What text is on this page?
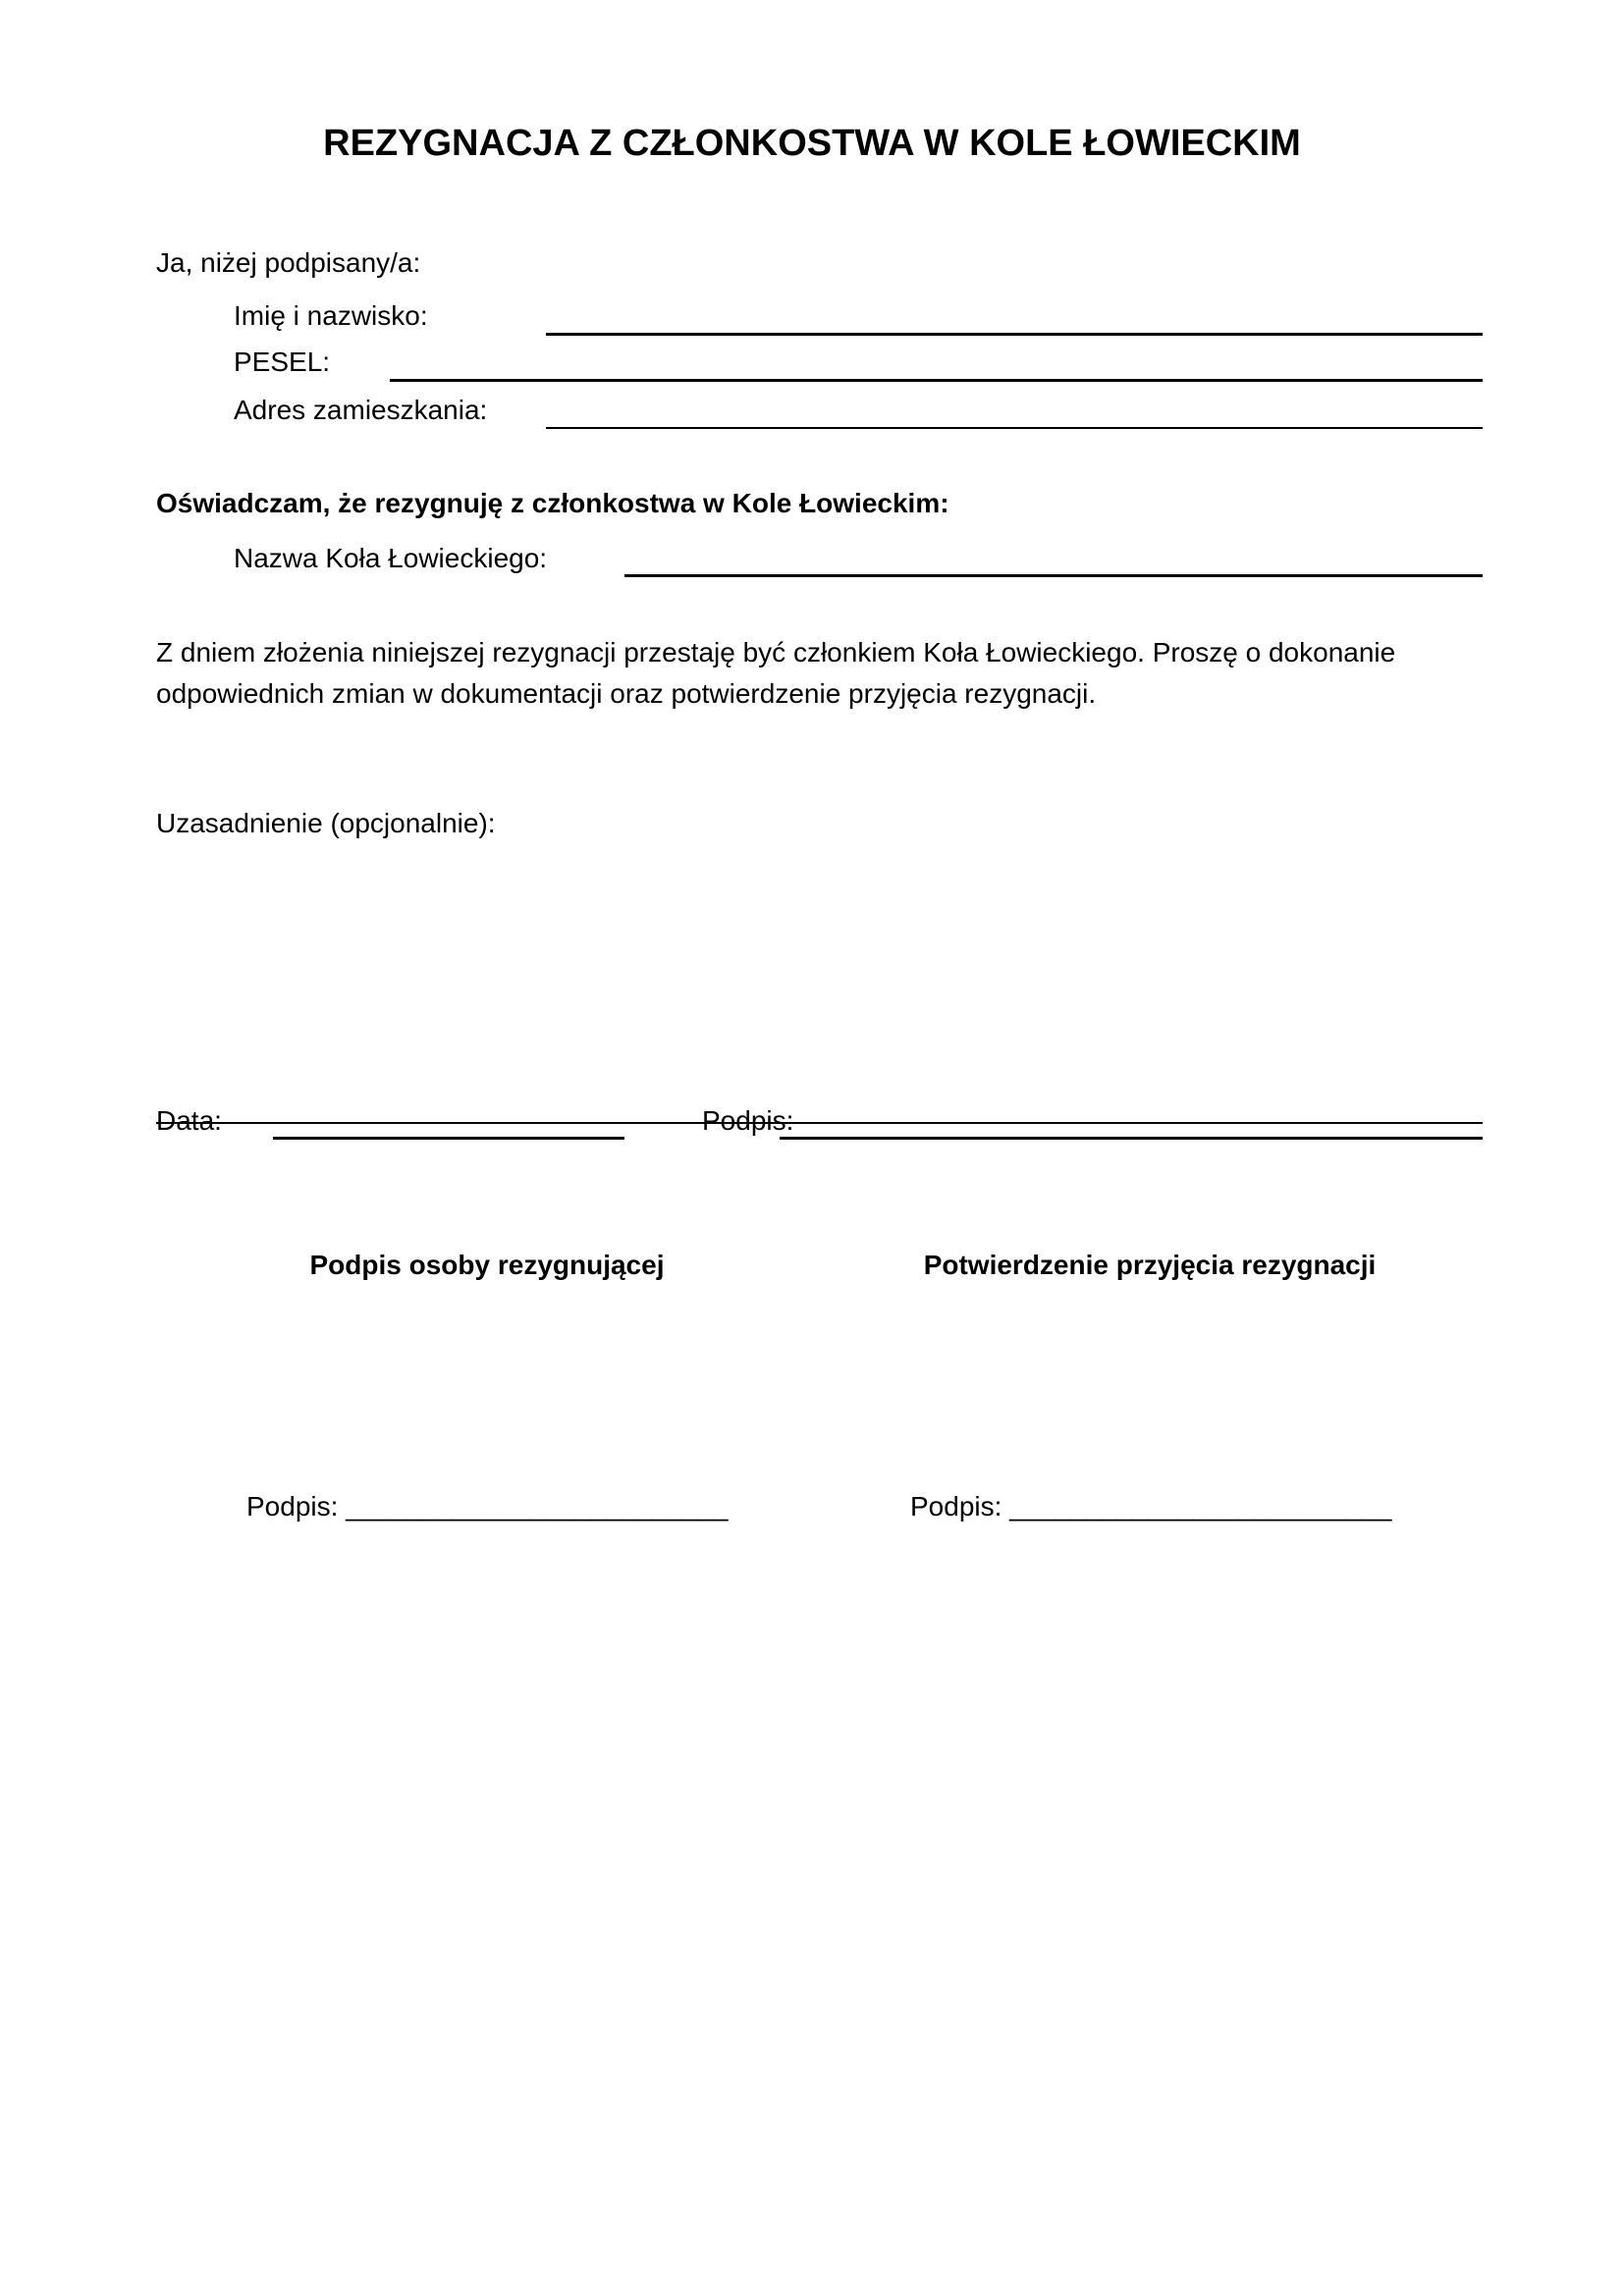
REZYGNACJA Z CZŁONKOSTWA W KOLE ŁOWIECKIM
Ja, niżej podpisany/a:
Imię i nazwisko:
PESEL:
Adres zamieszkania:
Oświadczam, że rezygnuję z członkostwa w Kole Łowieckim:
Nazwa Koła Łowieckiego:
Z dniem złożenia niniejszej rezygnacji przestaję być członkiem Koła Łowieckiego. Proszę o dokonanie
odpowiednich zmian w dokumentacji oraz potwierdzenie przyjęcia rezygnacji.
Uzasadnienie (opcjonalnie):
Data:	Podpis:
Podpis osoby rezygnującej	Potwierdzenie przyjęcia rezygnacji
Podpis: _________________________	Podpis: _________________________
